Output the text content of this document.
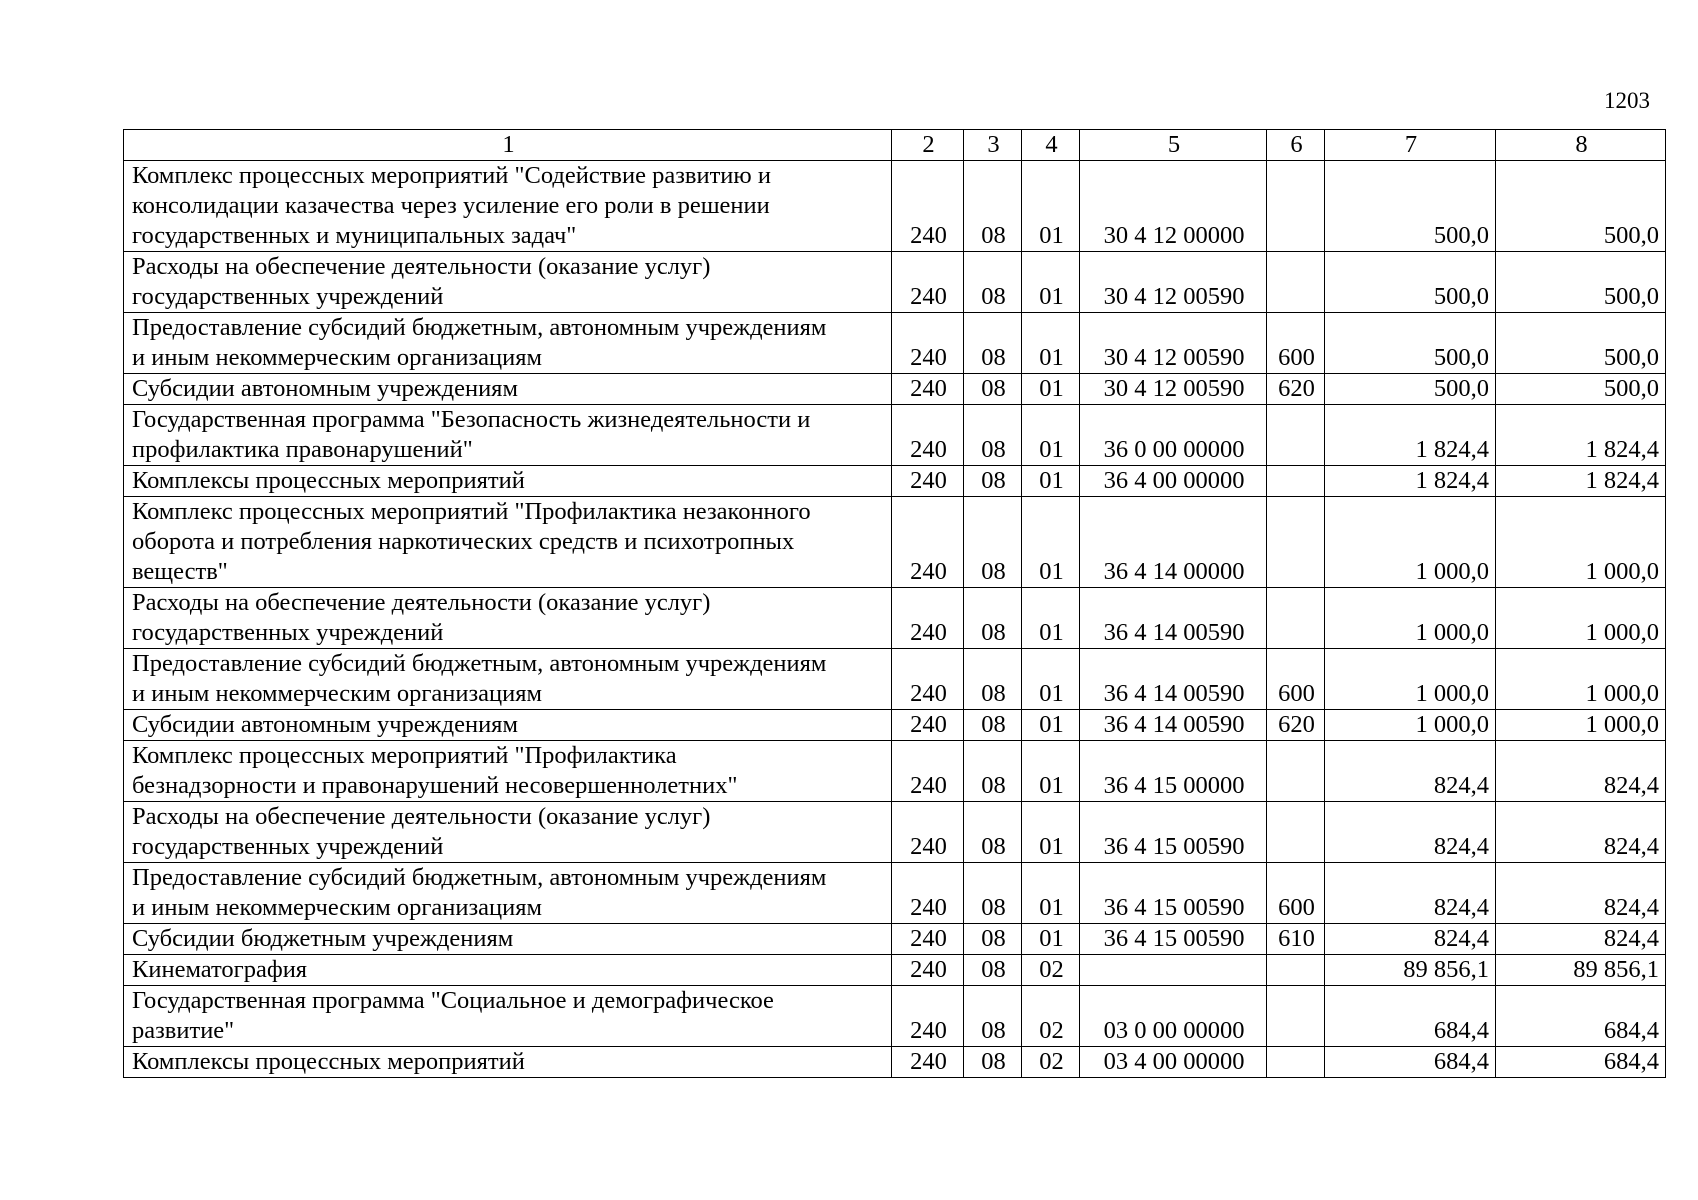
1203
1	2	3	4	5	6	7	8
Комплекс процессных мероприятий "Содействие развитию и
консолидации казачества через усиление его роли в решении
государственных и муниципальных задач"	240	08	01	30 4 12 00000		500,0	500,0
Расходы на обеспечение деятельности (оказание услуг)
государственных учреждений	240	08	01	30 4 12 00590		500,0	500,0
Предоставление субсидий бюджетным, автономным учреждениям
и иным некоммерческим организациям	240	08	01	30 4 12 00590	600	500,0	500,0
Субсидии автономным учреждениям	240	08	01	30 4 12 00590	620	500,0	500,0
Государственная программа "Безопасность жизнедеятельности и
профилактика правонарушений"	240	08	01	36 0 00 00000		1 824,4	1 824,4
Комплексы процессных мероприятий	240	08	01	36 4 00 00000		1 824,4	1 824,4
Комплекс процессных мероприятий "Профилактика незаконного
оборота и потребления наркотических средств и психотропных
веществ"	240	08	01	36 4 14 00000		1 000,0	1 000,0
Расходы на обеспечение деятельности (оказание услуг)
государственных учреждений	240	08	01	36 4 14 00590		1 000,0	1 000,0
Предоставление субсидий бюджетным, автономным учреждениям
и иным некоммерческим организациям	240	08	01	36 4 14 00590	600	1 000,0	1 000,0
Субсидии автономным учреждениям	240	08	01	36 4 14 00590	620	1 000,0	1 000,0
Комплекс процессных мероприятий "Профилактика
безнадзорности и правонарушений несовершеннолетних"	240	08	01	36 4 15 00000		824,4	824,4
Расходы на обеспечение деятельности (оказание услуг)
государственных учреждений	240	08	01	36 4 15 00590		824,4	824,4
Предоставление субсидий бюджетным, автономным учреждениям
и иным некоммерческим организациям	240	08	01	36 4 15 00590	600	824,4	824,4
Субсидии бюджетным учреждениям	240	08	01	36 4 15 00590	610	824,4	824,4
Кинематография	240	08	02			89 856,1	89 856,1
Государственная программа "Социальное и демографическое
развитие"	240	08	02	03 0 00 00000		684,4	684,4
Комплексы процессных мероприятий	240	08	02	03 4 00 00000		684,4	684,4
